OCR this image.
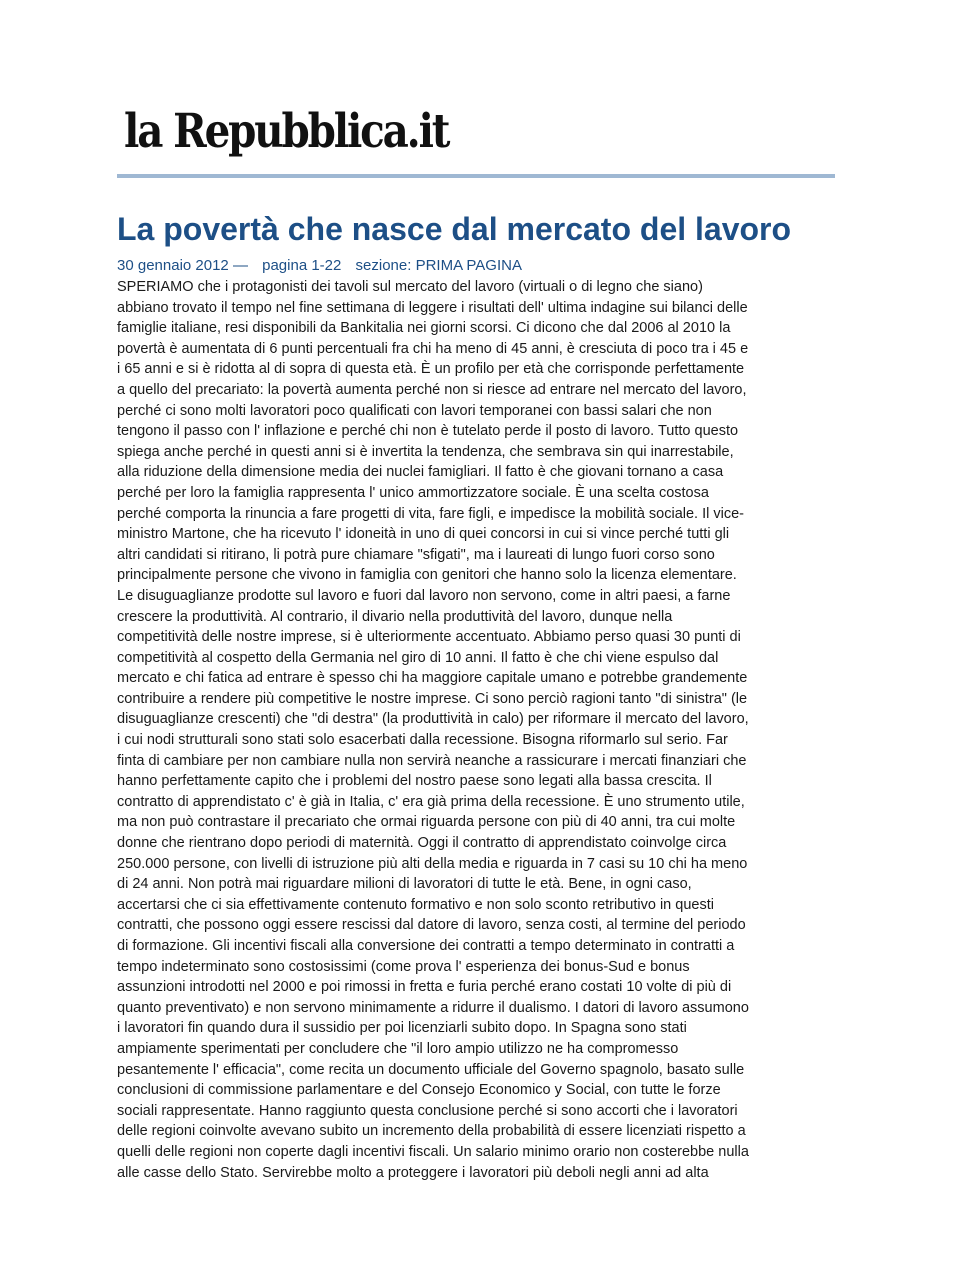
la Repubblica.it
La povertà che nasce dal mercato del lavoro
30 gennaio 2012 — pagina 1-22 sezione: PRIMA PAGINA
SPERIAMO che i protagonisti dei tavoli sul mercato del lavoro (virtuali o di legno che siano)
abbiano trovato il tempo nel fine settimana di leggere i risultati dell' ultima indagine sui bilanci delle
famiglie italiane, resi disponibili da Bankitalia nei giorni scorsi. Ci dicono che dal 2006 al 2010 la
povertà è aumentata di 6 punti percentuali fra chi ha meno di 45 anni, è cresciuta di poco tra i 45 e
i 65 anni e si è ridotta al di sopra di questa età. È un profilo per età che corrisponde perfettamente
a quello del precariato: la povertà aumenta perché non si riesce ad entrare nel mercato del lavoro,
perché ci sono molti lavoratori poco qualificati con lavori temporanei con bassi salari che non
tengono il passo con l' inflazione e perché chi non è tutelato perde il posto di lavoro. Tutto questo
spiega anche perché in questi anni si è invertita la tendenza, che sembrava sin qui inarrestabile,
alla riduzione della dimensione media dei nuclei famigliari. Il fatto è che giovani tornano a casa
perché per loro la famiglia rappresenta l' unico ammortizzatore sociale. È una scelta costosa
perché comporta la rinuncia a fare progetti di vita, fare figli, e impedisce la mobilità sociale. Il vice-
ministro Martone, che ha ricevuto l' idoneità in uno di quei concorsi in cui si vince perché tutti gli
altri candidati si ritirano, li potrà pure chiamare "sfigati", ma i laureati di lungo fuori corso sono
principalmente persone che vivono in famiglia con genitori che hanno solo la licenza elementare.
Le disuguaglianze prodotte sul lavoro e fuori dal lavoro non servono, come in altri paesi, a farne
crescere la produttività. Al contrario, il divario nella produttività del lavoro, dunque nella
competitività delle nostre imprese, si è ulteriormente accentuato. Abbiamo perso quasi 30 punti di
competitività al cospetto della Germania nel giro di 10 anni. Il fatto è che chi viene espulso dal
mercato e chi fatica ad entrare è spesso chi ha maggiore capitale umano e potrebbe grandemente
contribuire a rendere più competitive le nostre imprese. Ci sono perciò ragioni tanto "di sinistra" (le
disuguaglianze crescenti) che "di destra" (la produttività in calo) per riformare il mercato del lavoro,
i cui nodi strutturali sono stati solo esacerbati dalla recessione. Bisogna riformarlo sul serio. Far
finta di cambiare per non cambiare nulla non servirà neanche a rassicurare i mercati finanziari che
hanno perfettamente capito che i problemi del nostro paese sono legati alla bassa crescita. Il
contratto di apprendistato c' è già in Italia, c' era già prima della recessione. È uno strumento utile,
ma non può contrastare il precariato che ormai riguarda persone con più di 40 anni, tra cui molte
donne che rientrano dopo periodi di maternità. Oggi il contratto di apprendistato coinvolge circa
250.000 persone, con livelli di istruzione più alti della media e riguarda in 7 casi su 10 chi ha meno
di 24 anni. Non potrà mai riguardare milioni di lavoratori di tutte le età. Bene, in ogni caso,
accertarsi che ci sia effettivamente contenuto formativo e non solo sconto retributivo in questi
contratti, che possono oggi essere rescissi dal datore di lavoro, senza costi, al termine del periodo
di formazione. Gli incentivi fiscali alla conversione dei contratti a tempo determinato in contratti a
tempo indeterminato sono costosissimi (come prova l' esperienza dei bonus-Sud e bonus
assunzioni introdotti nel 2000 e poi rimossi in fretta e furia perché erano costati 10 volte di più di
quanto preventivato) e non servono minimamente a ridurre il dualismo. I datori di lavoro assumono
i lavoratori fin quando dura il sussidio per poi licenziarli subito dopo. In Spagna sono stati
ampiamente sperimentati per concludere che "il loro ampio utilizzo ne ha compromesso
pesantemente l' efficacia", come recita un documento ufficiale del Governo spagnolo, basato sulle
conclusioni di commissione parlamentare e del Consejo Economico y Social, con tutte le forze
sociali rappresentate. Hanno raggiunto questa conclusione perché si sono accorti che i lavoratori
delle regioni coinvolte avevano subito un incremento della probabilità di essere licenziati rispetto a
quelli delle regioni non coperte dagli incentivi fiscali. Un salario minimo orario non costerebbe nulla
alle casse dello Stato. Servirebbe molto a proteggere i lavoratori più deboli negli anni ad alta
